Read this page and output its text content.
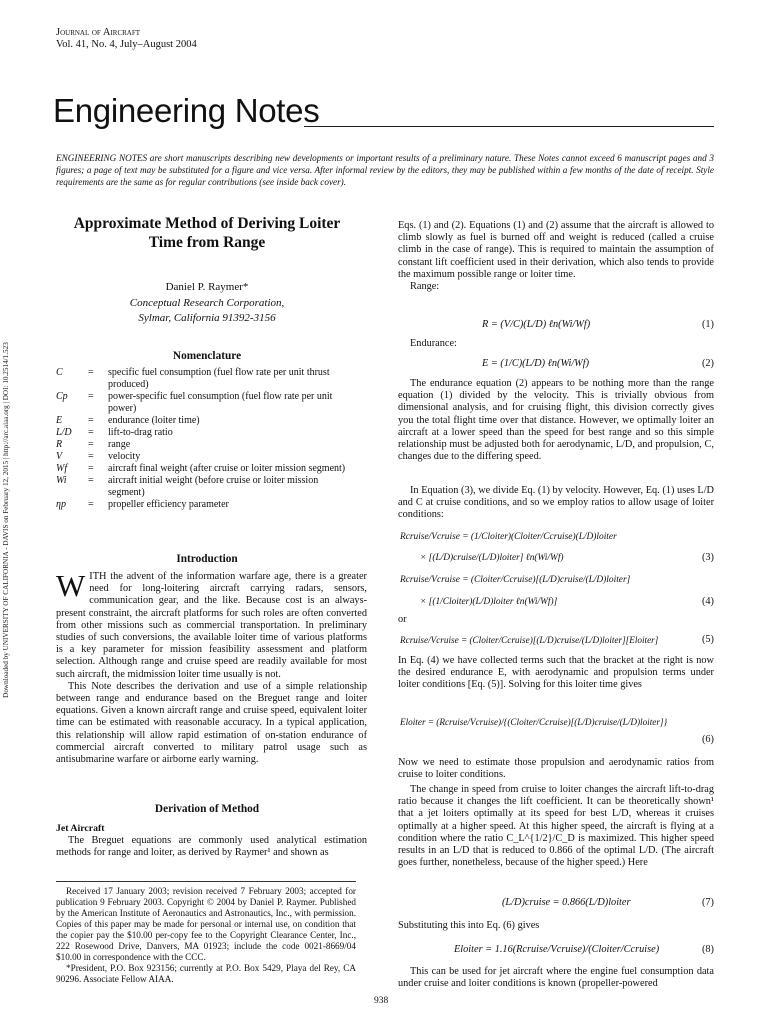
Downloaded by UNIVERSITY OF CALIFORNIA - DAVIS on February 12, 2015 | http://arc.aiaa.org | DOI: 10.2514/1.523
Journal of Aircraft
Vol. 41, No. 4, July–August 2004
Engineering Notes
ENGINEERING NOTES are short manuscripts describing new developments or important results of a preliminary nature. These Notes cannot exceed 6 manuscript pages and 3 figures; a page of text may be substituted for a figure and vice versa. After informal review by the editors, they may be published within a few months of the date of receipt. Style requirements are the same as for regular contributions (see inside back cover).
Approximate Method of Deriving Loiter Time from Range
Daniel P. Raymer*
Conceptual Research Corporation,
Sylmar, California 91392-3156
Nomenclature
C	=	specific fuel consumption (fuel flow rate per unit thrust produced)
Cp	=	power-specific fuel consumption (fuel flow rate per unit power)
E	=	endurance (loiter time)
L/D	=	lift-to-drag ratio
R	=	range
V	=	velocity
Wf	=	aircraft final weight (after cruise or loiter mission segment)
Wi	=	aircraft initial weight (before cruise or loiter mission segment)
ηp	=	propeller efficiency parameter
Introduction

WITH the advent of the information warfare age, there is a greater need for long-loitering aircraft carrying radars, sensors, communication gear, and the like. Because cost is an always-present constraint, the aircraft platforms for such roles are often converted from other missions such as commercial transportation. In preliminary studies of such conversions, the available loiter time of various platforms is a key parameter for mission feasibility assessment and platform selection. Although range and cruise speed are readily available for most such aircraft, the midmission loiter time usually is not.

This Note describes the derivation and use of a simple relationship between range and endurance based on the Breguet range and loiter equations. Given a known aircraft range and cruise speed, equivalent loiter time can be estimated with reasonable accuracy. In a typical application, this relationship will allow rapid estimation of on-station endurance of commercial aircraft converted to military patrol usage such as antisubmarine warfare or airborne early warning.

Derivation of Method

Jet Aircraft

The Breguet equations are commonly used analytical estimation methods for range and loiter, as derived by Raymer¹ and shown as

Received 17 January 2003; revision received 7 February 2003; accepted for publication 9 February 2003. Copyright © 2004 by Daniel P. Raymer. Published by the American Institute of Aeronautics and Astronautics, Inc., with permission. Copies of this paper may be made for personal or internal use, on condition that the copier pay the $10.00 per-copy fee to the Copyright Clearance Center, Inc., 222 Rosewood Drive, Danvers, MA 01923; include the code 0021-8669/04 $10.00 in correspondence with the CCC.
*President, P.O. Box 923156; currently at P.O. Box 5429, Playa del Rey, CA 90296. Associate Fellow AIAA.

Eqs. (1) and (2). Equations (1) and (2) assume that the aircraft is allowed to climb slowly as fuel is burned off and weight is reduced (called a cruise climb in the case of range). This is required to maintain the assumption of constant lift coefficient used in their derivation, which also tends to provide the maximum possible range or loiter time.

Range:

R = (V/C)(L/D) ℓn(Wi/Wf)	(1)
Endurance:
E = (1/C)(L/D) ℓn(Wi/Wf)	(2)
The endurance equation (2) appears to be nothing more than the range equation (1) divided by the velocity. This is trivially obvious from dimensional analysis, and for cruising flight, this division correctly gives you the total flight time over that distance. However, we optimally loiter an aircraft at a lower speed than the speed for best range and so this simple relationship must be adjusted both for aerodynamic, L/D, and propulsion, C, changes due to the differing speed.
In Equation (3), we divide Eq. (1) by velocity. However, Eq. (1) uses L/D and C at cruise conditions, and so we employ ratios to allow usage of loiter conditions:
Rcruise/Vcruise = (1/Cloiter)(Cloiter/Ccruise)(L/D)loiter
× [(L/D)cruise/(L/D)loiter] ℓn(Wi/Wf)	(3)
Rcruise/Vcruise = (Cloiter/Ccruise)[(L/D)cruise/(L/D)loiter]
× [(1/Cloiter)(L/D)loiter ℓn(Wi/Wf)]	(4)
or
Rcruise/Vcruise = (Cloiter/Ccruise)[(L/D)cruise/(L/D)loiter][Eloiter]	(5)
In Eq. (4) we have collected terms such that the bracket at the right is now the desired endurance E, with aerodynamic and propulsion terms under loiter conditions [Eq. (5)]. Solving for this loiter time gives
Eloiter = (Rcruise/Vcruise)/{(Cloiter/Ccruise)[(L/D)cruise/(L/D)loiter]}
(6)
Now we need to estimate those propulsion and aerodynamic ratios from cruise to loiter conditions.
The change in speed from cruise to loiter changes the aircraft lift-to-drag ratio because it changes the lift coefficient. It can be theoretically shown¹ that a jet loiters optimally at its speed for best L/D, whereas it cruises optimally at a higher speed. At this higher speed, the aircraft is flying at a condition where the ratio C_L^{1/2}/C_D is maximized. This higher speed results in an L/D that is reduced to 0.866 of the optimal L/D. (The aircraft goes further, nonetheless, because of the higher speed.) Here
(L/D)cruise = 0.866(L/D)loiter	(7)
Substituting this into Eq. (6) gives
Eloiter = 1.16(Rcruise/Vcruise)/(Cloiter/Ccruise)	(8)
This can be used for jet aircraft where the engine fuel consumption data under cruise and loiter conditions is known (propeller-powered
938
